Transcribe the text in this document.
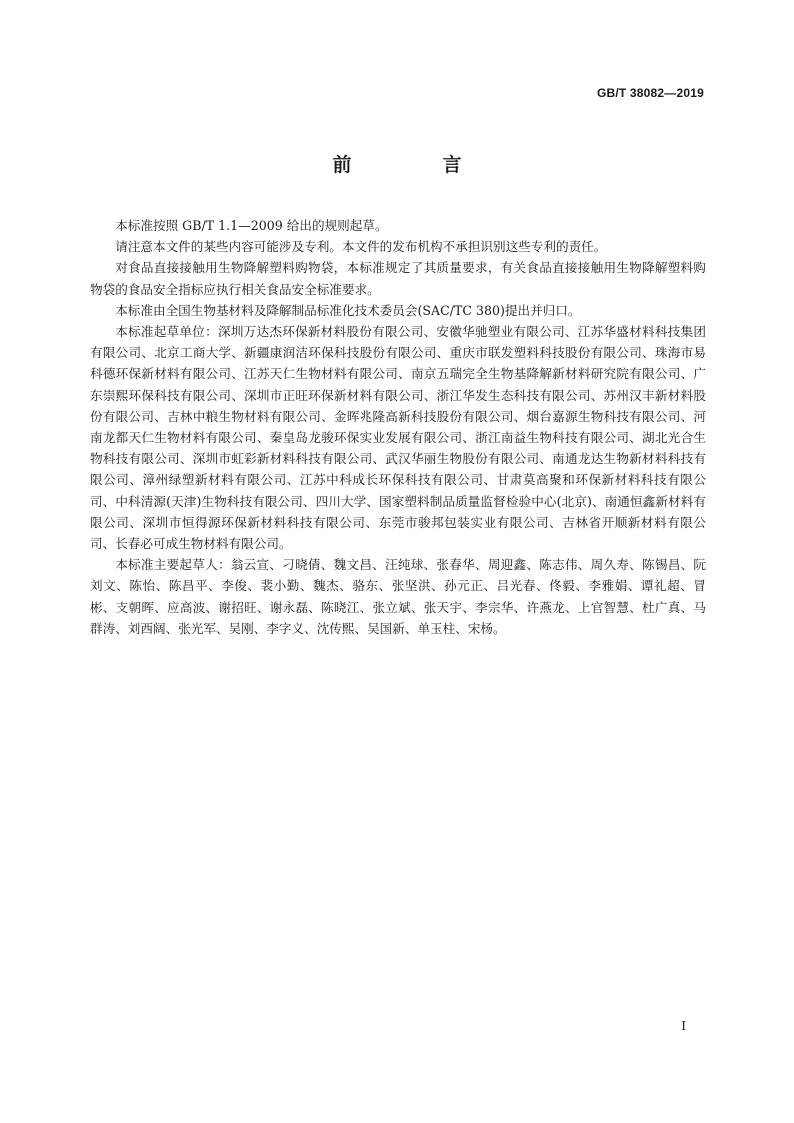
GB/T 38082—2019
前　言

本标准按照 GB/T 1.1—2009 给出的规则起草。

请注意本文件的某些内容可能涉及专利。本文件的发布机构不承担识别这些专利的责任。

对食品直接接触用生物降解塑料购物袋，本标准规定了其质量要求，有关食品直接接触用生物降解塑料购物袋的食品安全指标应执行相关食品安全标准要求。

本标准由全国生物基材料及降解制品标准化技术委员会(SAC/TC 380)提出并归口。

本标准起草单位：深圳万达杰环保新材料股份有限公司、安徽华驰塑业有限公司、江苏华盛材料科技集团有限公司、北京工商大学、新疆康润洁环保科技股份有限公司、重庆市联发塑料科技股份有限公司、珠海市易科德环保新材料有限公司、江苏天仁生物材料有限公司、南京五瑞完全生物基降解新材料研究院有限公司、广东崇熙环保科技有限公司、深圳市正旺环保新材料有限公司、浙江华发生态科技有限公司、苏州汉丰新材料股份有限公司、吉林中粮生物材料有限公司、金晖兆隆高新科技股份有限公司、烟台嘉源生物科技有限公司、河南龙都天仁生物材料有限公司、秦皇岛龙骏环保实业发展有限公司、浙江南益生物科技有限公司、湖北光合生物科技有限公司、深圳市虹彩新材料科技有限公司、武汉华丽生物股份有限公司、南通龙达生物新材料科技有限公司、漳州绿塑新材料有限公司、江苏中科成长环保科技有限公司、甘肃莫高聚和环保新材料科技有限公司、中科清源(天津)生物科技有限公司、四川大学、国家塑料制品质量监督检验中心(北京)、南通恒鑫新材料有限公司、深圳市恒得源环保新材料科技有限公司、东莞市骏邦包装实业有限公司、吉林省开顺新材料有限公司、长春必可成生物材料有限公司。

本标准主要起草人：翁云宣、刁晓倩、魏文昌、汪纯球、张春华、周迎鑫、陈志伟、周久寿、陈锡昌、阮刘文、陈怡、陈昌平、李俊、裴小勤、魏杰、骆东、张坚洪、孙元正、吕光春、佟毅、李雅娟、谭礼超、冒彬、支朝晖、应高波、谢招旺、谢永磊、陈晓江、张立斌、张天宇、李宗华、许燕龙、上官智慧、杜广真、马群涛、刘西阔、张光军、吴刚、李字义、沈传熙、吴国新、单玉柱、宋杨。

I
